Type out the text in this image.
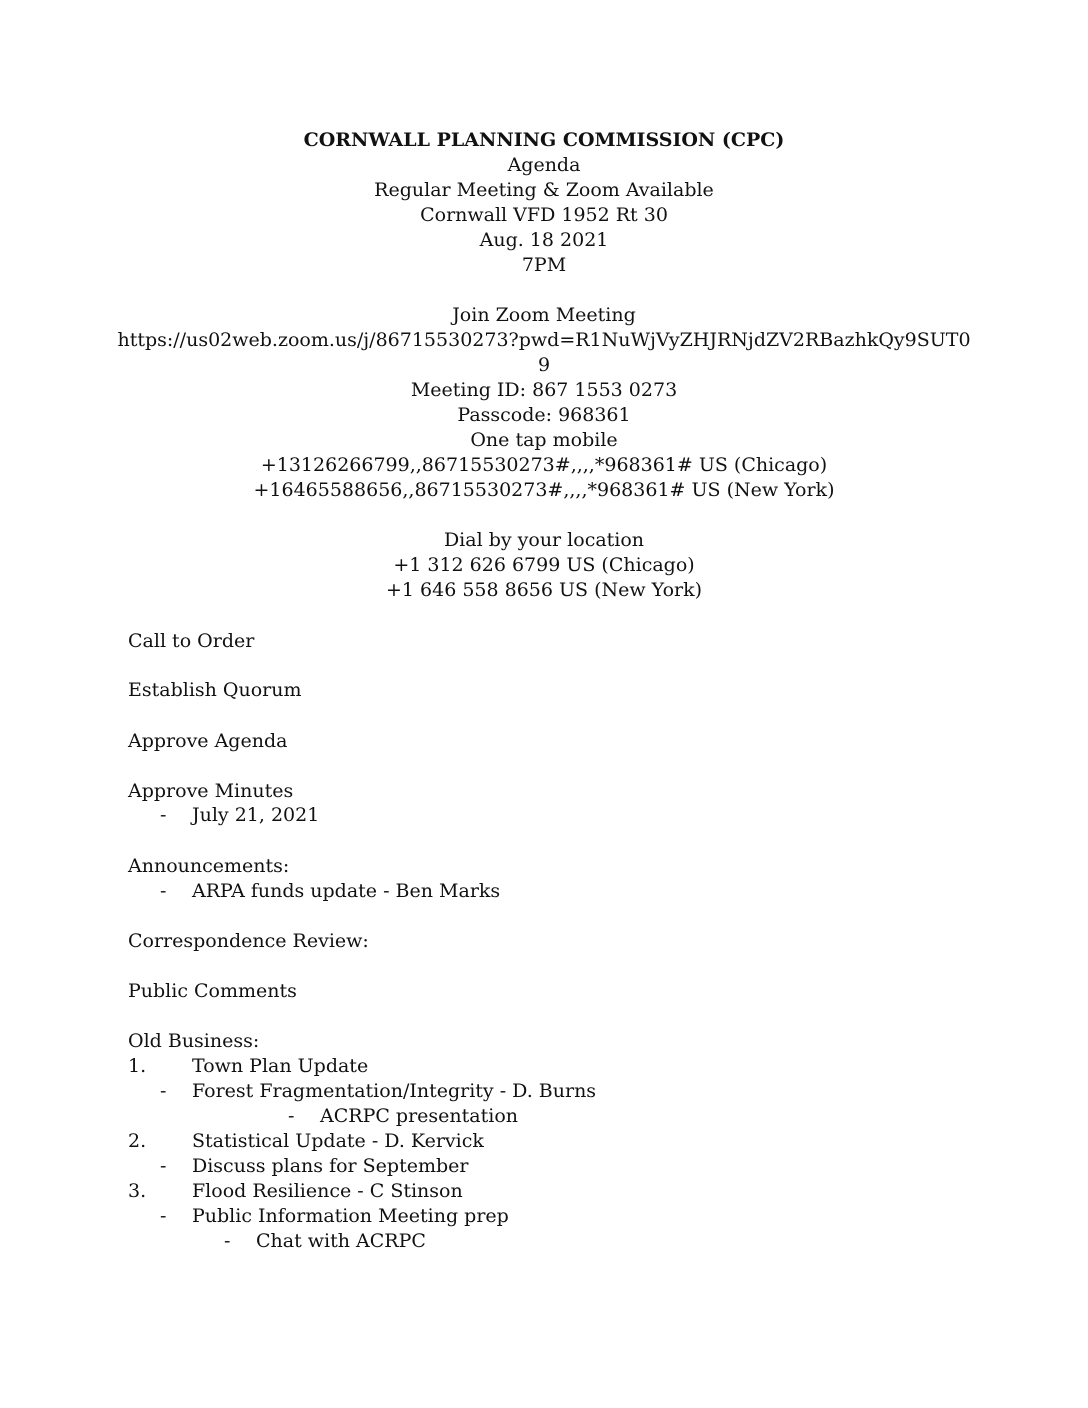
CORNWALL PLANNING COMMISSION (CPC)
Agenda
Regular Meeting & Zoom Available
Cornwall VFD 1952 Rt 30
Aug. 18 2021
7PM
Join Zoom Meeting
https://us02web.zoom.us/j/86715530273?pwd=R1NuWjVyZHJRNjdZV2RBazhkQy9SUT0
9
Meeting ID: 867 1553 0273
Passcode: 968361
One tap mobile
+13126266799,,86715530273#,,,,*968361# US (Chicago)
+16465588656,,86715530273#,,,,*968361# US (New York)
Dial by your location
+1 312 626 6799 US (Chicago)
+1 646 558 8656 US (New York)
Call to Order
Establish Quorum
Approve Agenda
Approve Minutes
- July 21, 2021
Announcements:
- ARPA funds update - Ben Marks
Correspondence Review:
Public Comments
Old Business:
1. Town Plan Update
- Forest Fragmentation/Integrity - D. Burns
- ACRPC presentation
2. Statistical Update - D. Kervick
- Discuss plans for September
3. Flood Resilience - C Stinson
- Public Information Meeting prep
- Chat with ACRPC
